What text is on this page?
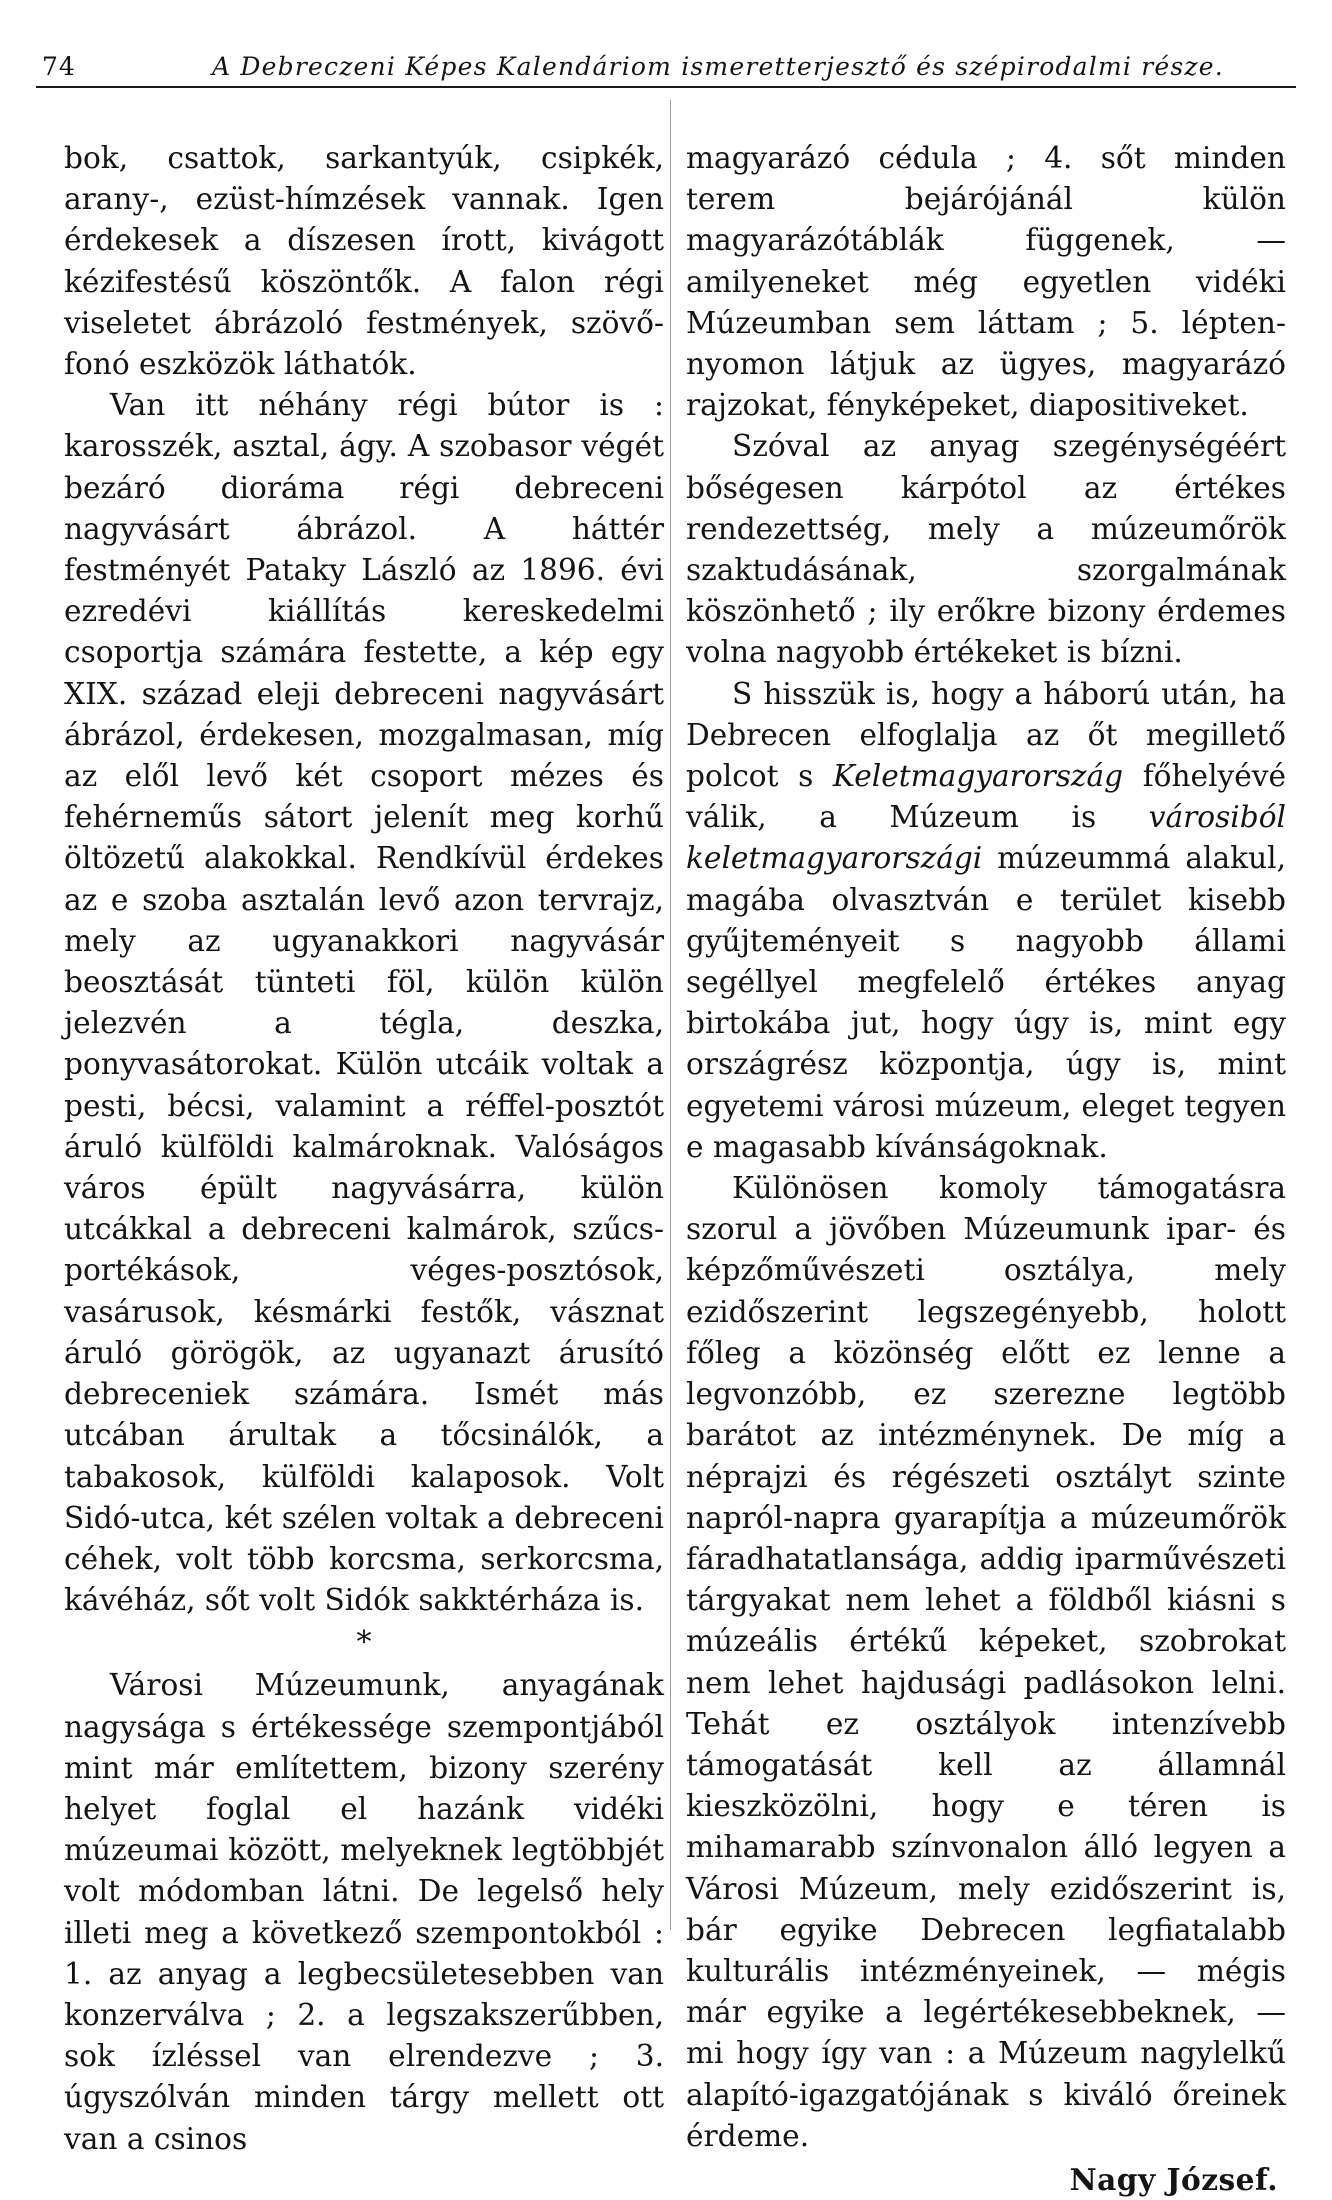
74	A Debreczeni Képes Kalendáriom ismeretterjesztő és szépirodalmi része.

bok, csattok, sarkantyúk, csipkék, arany-, ezüst-hímzések vannak. Igen érdekesek a díszesen írott, kivágott kézifestésű köszöntők. A falon régi viseletet ábrázoló festmények, szövő-fonó eszközök láthatók.

Van itt néhány régi bútor is : karosszék, asztal, ágy. A szobasor végét bezáró dioráma régi debreceni nagyvásárt ábrázol. A háttér festményét Pataky László az 1896. évi ezredévi kiállítás kereskedelmi csoportja számára festette, a kép egy XIX. század eleji debreceni nagyvásárt ábrázol, érdekesen, mozgalmasan, míg az elől levő két csoport mézes és fehérneműs sátort jelenít meg korhű öltözetű alakokkal. Rendkívül érdekes az e szoba asztalán levő azon tervrajz, mely az ugyanakkori nagyvásár beosztását tünteti föl, külön külön jelezvén a tégla, deszka, ponyvasátorokat. Külön utcáik voltak a pesti, bécsi, valamint a réffel-posztót áruló külföldi kalmároknak. Valóságos város épült nagyvásárra, külön utcákkal a debreceni kalmárok, szűcs-portékások, véges-posztósok, vasárusok, késmárki festők, vásznat áruló görögök, az ugyanazt árusító debreceniek számára. Ismét más utcában árultak a tőcsinálók, a tabakosok, külföldi kalaposok. Volt Sidó-utca, két szélen voltak a debreceni céhek, volt több korcsma, serkorcsma, kávéház, sőt volt Sidók sakktérháza is.

*

Városi Múzeumunk, anyagának nagysága s értékessége szempontjából mint már említettem, bizony szerény helyet foglal el hazánk vidéki múzeumai között, melyeknek legtöbbjét volt módomban látni. De legelső hely illeti meg a következő szempontokból : 1. az anyag a legbecsületesebben van konzerválva ; 2. a legszakszerűbben, sok ízléssel van elrendezve ; 3. úgyszólván minden tárgy mellett ott van a csinos

magyarázó cédula ; 4. sőt minden terem bejárójánál külön magyarázótáblák függenek, — amilyeneket még egyetlen vidéki Múzeumban sem láttam ; 5. lépten-nyomon látjuk az ügyes, magyarázó rajzokat, fényképeket, diapositiveket.

Szóval az anyag szegénységéért bőségesen kárpótol az értékes rendezettség, mely a múzeumőrök szaktudásának, szorgalmának köszönhető ; ily erőkre bizony érdemes volna nagyobb értékeket is bízni.

S hisszük is, hogy a háború után, ha Debrecen elfoglalja az őt megillető polcot s Keletmagyarország főhelyévé válik, a Múzeum is városiból keletmagyarországi múzeummá alakul, magába olvasztván e terület kisebb gyűjteményeit s nagyobb állami segéllyel megfelelő értékes anyag birtokába jut, hogy úgy is, mint egy országrész központja, úgy is, mint egyetemi városi múzeum, eleget tegyen e magasabb kívánságoknak.

Különösen komoly támogatásra szorul a jövőben Múzeumunk ipar- és képzőművészeti osztálya, mely ezidőszerint legszegényebb, holott főleg a közönség előtt ez lenne a legvonzóbb, ez szerezne legtöbb barátot az intézménynek. De míg a néprajzi és régészeti osztályt szinte napról-napra gyarapítja a múzeumőrök fáradhatatlansága, addig iparművészeti tárgyakat nem lehet a földből kiásni s múzeális értékű képeket, szobrokat nem lehet hajdusági padlásokon lelni. Tehát ez osztályok intenzívebb támogatását kell az államnál kieszközölni, hogy e téren is mihamarabb színvonalon álló legyen a Városi Múzeum, mely ezidőszerint is, bár egyike Debrecen legfiatalabb kulturális intézményeinek, — mégis már egyike a legértékesebbeknek, — mi hogy így van : a Múzeum nagylelkű alapító-igazgatójának s kiváló őreinek érdeme.

Nagy József.
